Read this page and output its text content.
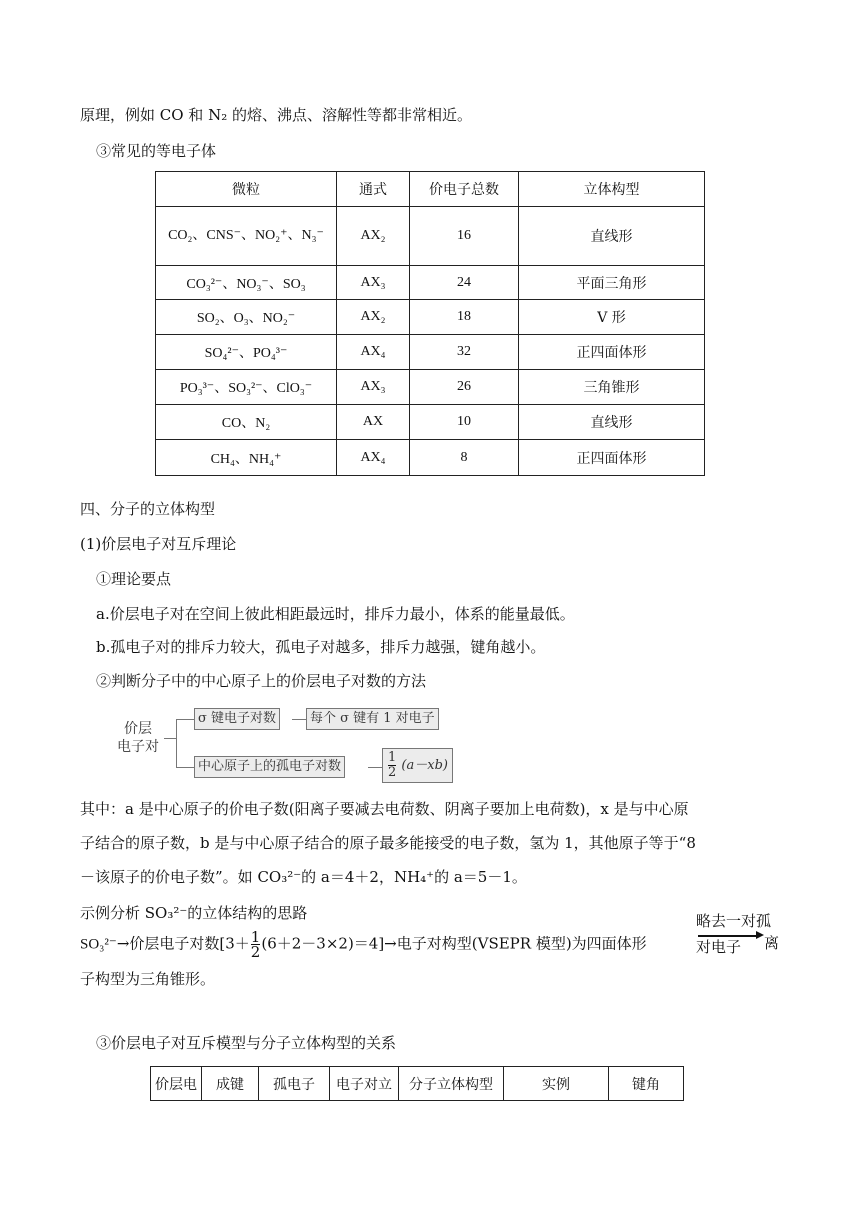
原理，例如 CO 和 N₂ 的熔、沸点、溶解性等都非常相近。
③常见的等电子体
微粒	通式	价电子总数	立体构型
CO₂、CNS⁻、NO₂⁺、N₃⁻	AX₂	16	直线形
CO₃²⁻、NO₃⁻、SO₃	AX₃	24	平面三角形
SO₂、O₃、NO₂⁻	AX₂	18	V 形
SO₄²⁻、PO₄³⁻	AX₄	32	正四面体形
PO₃³⁻、SO₃²⁻、ClO₃⁻	AX₃	26	三角锥形
CO、N₂	AX	10	直线形
CH₄、NH₄⁺	AX₄	8	正四面体形
四、分子的立体构型
(1)价层电子对互斥理论
①理论要点
a.价层电子对在空间上彼此相距最远时，排斥力最小，体系的能量最低。
b.孤电子对的排斥力较大，孤电子对越多，排斥力越强，键角越小。
②判断分子中的中心原子上的价层电子对数的方法
价层
电子对
σ 键电子对数	每个 σ 键有 1 对电子
中心原子上的孤电子对数	$\frac{1}{2} (a-xb)$
其中：a 是中心原子的价电子数(阳离子要减去电荷数、阴离子要加上电荷数)，x 是与中心原
子结合的原子数，b 是与中心原子结合的原子最多能接受的电子数，氢为 1，其他原子等于“8
－该原子的价电子数”。如 CO₃²⁻的 a＝4＋2，NH₄⁺的 a＝5－1。
示例分析 SO₃²⁻的立体结构的思路
SO₃²⁻→价层电子对数$[3+ \frac{1}{2} (6+2-3\times 2)=4]\to$电子对构型(VSEPR 模型)为四面体形
略去一对孤对电子	离
子构型为三角锥形。
③价层电子对互斥模型与分子立体构型的关系
价层电	成键	孤电子	电子对立	分子立体构型	实例	键角
